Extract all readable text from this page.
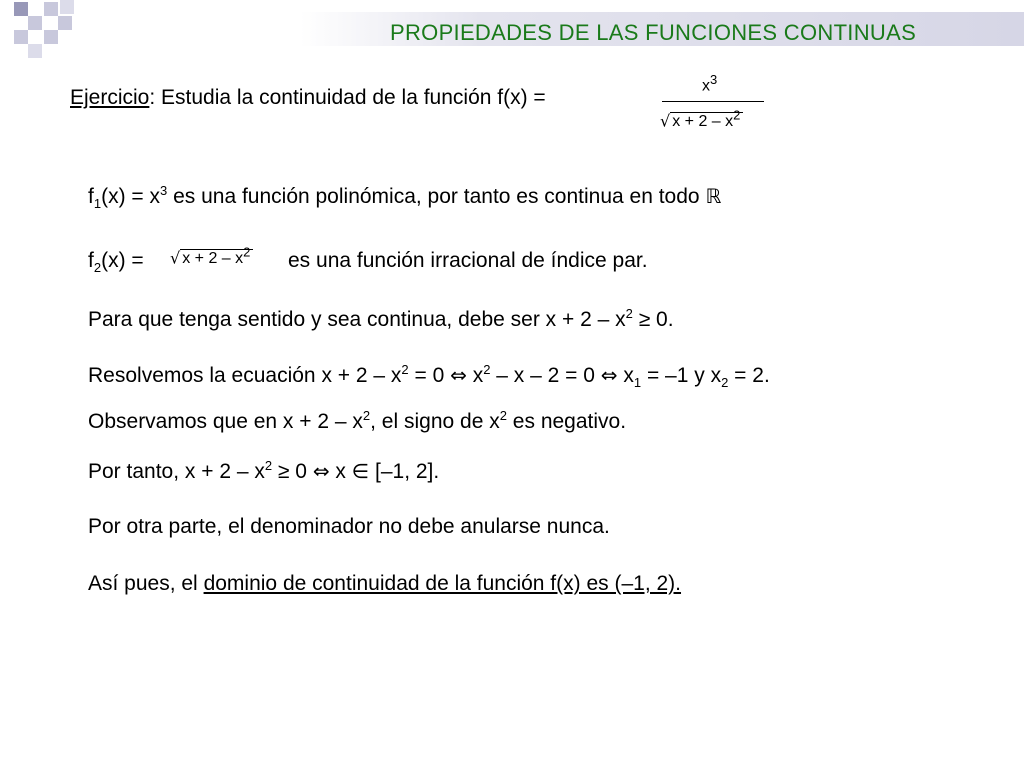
PROPIEDADES DE LAS FUNCIONES CONTINUAS
Ejercicio: Estudia la continuidad de la función f(x) =
$x^3$
√ $x + 2 - x^2$
$f_1(x) = x^3$ es una función polinómica, por tanto es continua en todo ℝ
$f_2(x)$ = √ $x + 2 - x^2$ es una función irracional de índice par.
Para que tenga sentido y sea continua, debe ser $x + 2 - x^2 \ge 0$.
Resolvemos la ecuación $x + 2 - x^2 = 0$ ⇔ $x^2 - x - 2 = 0$ ⇔ $x_1 = -1$ y $x_2 = 2$.
Observamos que en $x + 2 - x^2$, el signo de $x^2$ es negativo.
Por tanto, $x + 2 - x^2 \ge 0$ ⇔ x ∈ [–1, 2].
Por otra parte, el denominador no debe anularse nunca.
Así pues, el dominio de continuidad de la función f(x) es (–1, 2).
